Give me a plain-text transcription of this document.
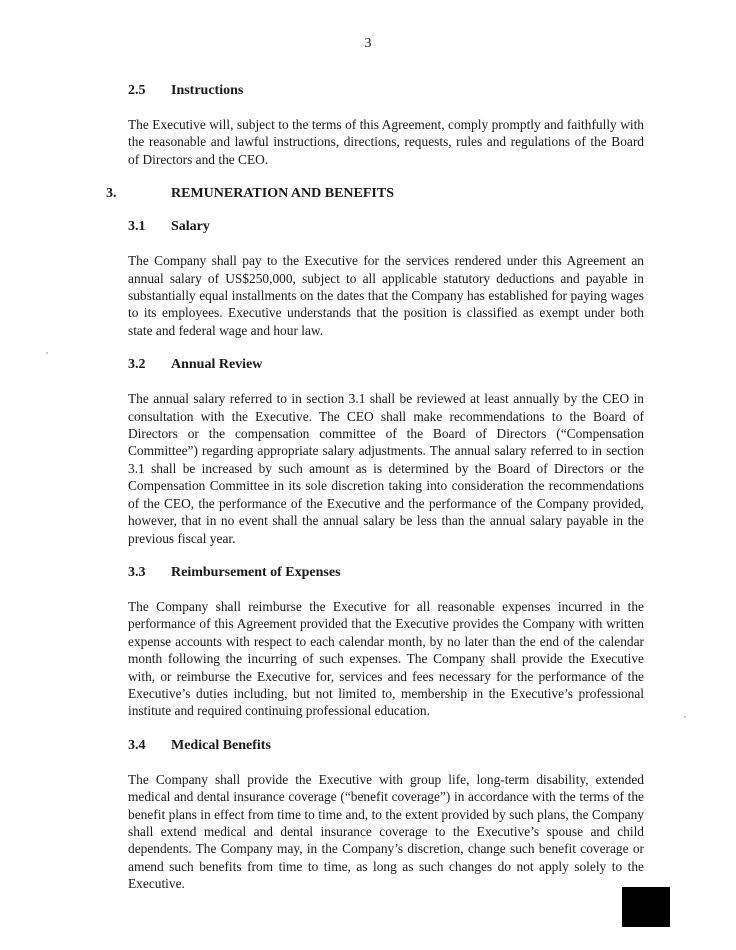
3
2.5	Instructions

The Executive will, subject to the terms of this Agreement, comply promptly and faithfully with the reasonable and lawful instructions, directions, requests, rules and regulations of the Board of Directors and the CEO.

3.	REMUNERATION AND BENEFITS
3.1	Salary

The Company shall pay to the Executive for the services rendered under this Agreement an annual salary of US$250,000, subject to all applicable statutory deductions and payable in substantially equal installments on the dates that the Company has established for paying wages to its employees. Executive understands that the position is classified as exempt under both state and federal wage and hour law.

3.2	Annual Review

The annual salary referred to in section 3.1 shall be reviewed at least annually by the CEO in consultation with the Executive. The CEO shall make recommendations to the Board of Directors or the compensation committee of the Board of Directors (“Compensation Committee”) regarding appropriate salary adjustments. The annual salary referred to in section 3.1 shall be increased by such amount as is determined by the Board of Directors or the Compensation Committee in its sole discretion taking into consideration the recommendations of the CEO, the performance of the Executive and the performance of the Company provided, however, that in no event shall the annual salary be less than the annual salary payable in the previous fiscal year.

3.3	Reimbursement of Expenses

The Company shall reimburse the Executive for all reasonable expenses incurred in the performance of this Agreement provided that the Executive provides the Company with written expense accounts with respect to each calendar month, by no later than the end of the calendar month following the incurring of such expenses. The Company shall provide the Executive with, or reimburse the Executive for, services and fees necessary for the performance of the Executive’s duties including, but not limited to, membership in the Executive’s professional institute and required continuing professional education.

3.4	Medical Benefits

The Company shall provide the Executive with group life, long-term disability, extended medical and dental insurance coverage (“benefit coverage”) in accordance with the terms of the benefit plans in effect from time to time and, to the extent provided by such plans, the Company shall extend medical and dental insurance coverage to the Executive’s spouse and child dependents. The Company may, in the Company’s discretion, change such benefit coverage or amend such benefits from time to time, as long as such changes do not apply solely to the Executive.
